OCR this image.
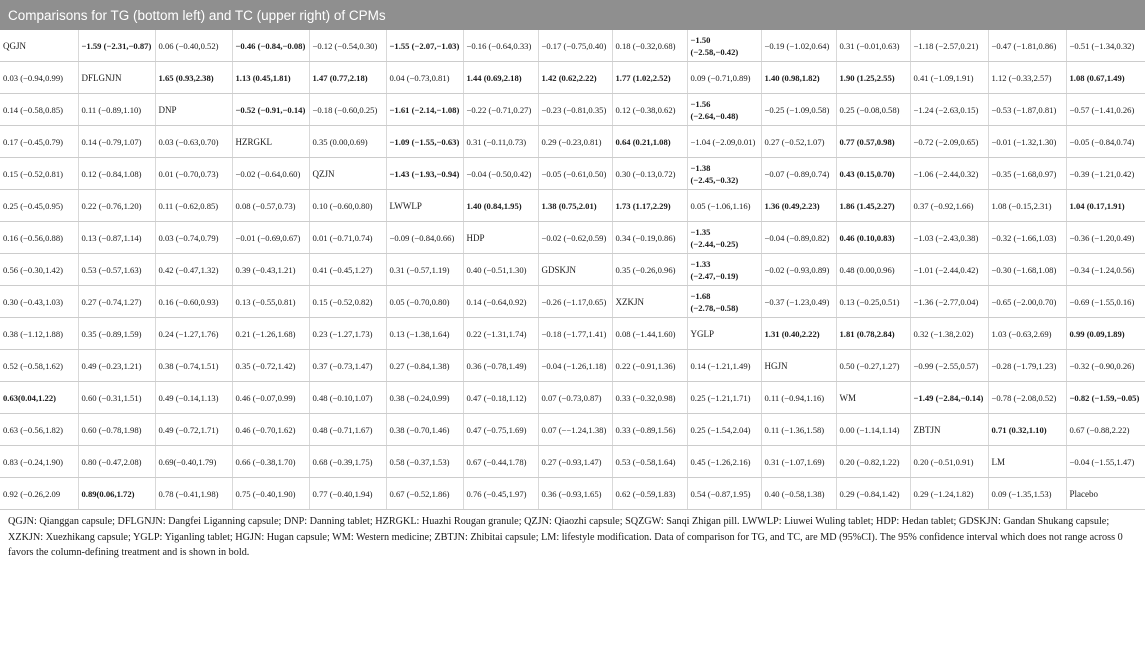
Comparisons for TG (bottom left) and TC (upper right) of CPMs
QGJN	−1.59 (−2.31,−0.87)	0.06 (−0.40,0.52)	−0.46 (−0.84,−0.08)	−0.12 (−0.54,0.30)	−1.55 (−2.07,−1.03)	−0.16 (−0.64,0.33)	−0.17 (−0.75,0.40)	0.18 (−0.32,0.68)	−1.50 (−2.58,−0.42)	−0.19 (−1.02,0.64)	0.31 (−0.01,0.63)	−1.18 (−2.57,0.21)	−0.47 (−1.81,0.86)	−0.51 (−1.34,0.32)
0.03 (−0.94,0.99)	DFLGNJN	1.65 (0.93,2.38)	1.13 (0.45,1.81)	1.47 (0.77,2.18)	0.04 (−0.73,0.81)	1.44 (0.69,2.18)	1.42 (0.62,2.22)	1.77 (1.02,2.52)	0.09 (−0.71,0.89)	1.40 (0.98,1.82)	1.90 (1.25,2.55)	0.41 (−1.09,1.91)	1.12 (−0.33,2.57)	1.08 (0.67,1.49)
0.14 (−0.58,0.85)	0.11 (−0.89,1.10)	DNP	−0.52 (−0.91,−0.14)	−0.18 (−0.60,0.25)	−1.61 (−2.14,−1.08)	−0.22 (−0.71,0.27)	−0.23 (−0.81,0.35)	0.12 (−0.38,0.62)	−1.56 (−2.64,−0.48)	−0.25 (−1.09,0.58)	0.25 (−0.08,0.58)	−1.24 (−2.63,0.15)	−0.53 (−1.87,0.81)	−0.57 (−1.41,0.26)
0.17 (−0.45,0.79)	0.14 (−0.79,1.07)	0.03 (−0.63,0.70)	HZRGKL	0.35 (0.00,0.69)	−1.09 (−1.55,−0.63)	0.31 (−0.11,0.73)	0.29 (−0.23,0.81)	0.64 (0.21,1.08)	−1.04 (−2.09,0.01)	0.27 (−0.52,1.07)	0.77 (0.57,0.98)	−0.72 (−2.09,0.65)	−0.01 (−1.32,1.30)	−0.05 (−0.84,0.74)
0.15 (−0.52,0.81)	0.12 (−0.84,1.08)	0.01 (−0.70,0.73)	−0.02 (−0.64,0.60)	QZJN	−1.43 (−1.93,−0.94)	−0.04 (−0.50,0.42)	−0.05 (−0.61,0.50)	0.30 (−0.13,0.72)	−1.38 (−2.45,−0.32)	−0.07 (−0.89,0.74)	0.43 (0.15,0.70)	−1.06 (−2.44,0.32)	−0.35 (−1.68,0.97)	−0.39 (−1.21,0.42)
0.25 (−0.45,0.95)	0.22 (−0.76,1.20)	0.11 (−0.62,0.85)	0.08 (−0.57,0.73)	0.10 (−0.60,0.80)	LWWLP	1.40 (0.84,1.95)	1.38 (0.75,2.01)	1.73 (1.17,2.29)	0.05 (−1.06,1.16)	1.36 (0.49,2.23)	1.86 (1.45,2.27)	0.37 (−0.92,1.66)	1.08 (−0.15,2.31)	1.04 (0.17,1.91)
0.16 (−0.56,0.88)	0.13 (−0.87,1.14)	0.03 (−0.74,0.79)	−0.01 (−0.69,0.67)	0.01 (−0.71,0.74)	−0.09 (−0.84,0.66)	HDP	−0.02 (−0.62,0.59)	0.34 (−0.19,0.86)	−1.35 (−2.44,−0.25)	−0.04 (−0.89,0.82)	0.46 (0.10,0.83)	−1.03 (−2.43,0.38)	−0.32 (−1.66,1.03)	−0.36 (−1.20,0.49)
0.56 (−0.30,1.42)	0.53 (−0.57,1.63)	0.42 (−0.47,1.32)	0.39 (−0.43,1.21)	0.41 (−0.45,1.27)	0.31 (−0.57,1.19)	0.40 (−0.51,1.30)	GDSKJN	0.35 (−0.26,0.96)	−1.33 (−2.47,−0.19)	−0.02 (−0.93,0.89)	0.48 (0.00,0.96)	−1.01 (−2.44,0.42)	−0.30 (−1.68,1.08)	−0.34 (−1.24,0.56)
0.30 (−0.43,1.03)	0.27 (−0.74,1.27)	0.16 (−0.60,0.93)	0.13 (−0.55,0.81)	0.15 (−0.52,0.82)	0.05 (−0.70,0.80)	0.14 (−0.64,0.92)	−0.26 (−1.17,0.65)	XZKJN	−1.68 (−2.78,−0.58)	−0.37 (−1.23,0.49)	0.13 (−0.25,0.51)	−1.36 (−2.77,0.04)	−0.65 (−2.00,0.70)	−0.69 (−1.55,0.16)
0.38 (−1.12,1.88)	0.35 (−0.89,1.59)	0.24 (−1.27,1.76)	0.21 (−1.26,1.68)	0.23 (−1.27,1.73)	0.13 (−1.38,1.64)	0.22 (−1.31,1.74)	−0.18 (−1.77,1.41)	0.08 (−1.44,1.60)	YGLP	1.31 (0.40,2.22)	1.81 (0.78,2.84)	0.32 (−1.38,2.02)	1.03 (−0.63,2.69)	0.99 (0.09,1.89)
0.52 (−0.58,1.62)	0.49 (−0.23,1.21)	0.38 (−0.74,1.51)	0.35 (−0.72,1.42)	0.37 (−0.73,1.47)	0.27 (−0.84,1.38)	0.36 (−0.78,1.49)	−0.04 (−1.26,1.18)	0.22 (−0.91,1.36)	0.14 (−1.21,1.49)	HGJN	0.50 (−0.27,1.27)	−0.99 (−2.55,0.57)	−0.28 (−1.79,1.23)	−0.32 (−0.90,0.26)
0.63(0.04,1.22)	0.60 (−0.31,1.51)	0.49 (−0.14,1.13)	0.46 (−0.07,0.99)	0.48 (−0.10,1.07)	0.38 (−0.24,0.99)	0.47 (−0.18,1.12)	0.07 (−0.73,0.87)	0.33 (−0.32,0.98)	0.25 (−1.21,1.71)	0.11 (−0.94,1.16)	WM	−1.49 (−2.84,−0.14)	−0.78 (−2.08,0.52)	−0.82 (−1.59,−0.05)
0.63 (−0.56,1.82)	0.60 (−0.78,1.98)	0.49 (−0.72,1.71)	0.46 (−0.70,1.62)	0.48 (−0.71,1.67)	0.38 (−0.70,1.46)	0.47 (−0.75,1.69)	0.07 (−−1.24,1.38)	0.33 (−0.89,1.56)	0.25 (−1.54,2.04)	0.11 (−1.36,1.58)	0.00 (−1.14,1.14)	ZBTJN	0.71 (0.32,1.10)	0.67 (−0.88,2.22)
0.83 (−0.24,1.90)	0.80 (−0.47,2.08)	0.69(−0.40,1.79)	0.66 (−0.38,1.70)	0.68 (−0.39,1.75)	0.58 (−0.37,1.53)	0.67 (−0.44,1.78)	0.27 (−0.93,1.47)	0.53 (−0.58,1.64)	0.45 (−1.26,2.16)	0.31 (−1.07,1.69)	0.20 (−0.82,1.22)	0.20 (−0.51,0.91)	LM	−0.04 (−1.55,1.47)
0.92 (−0.26,2.09	0.89(0.06,1.72)	0.78 (−0.41,1.98)	0.75 (−0.40,1.90)	0.77 (−0.40,1.94)	0.67 (−0.52,1.86)	0.76 (−0.45,1.97)	0.36 (−0.93,1.65)	0.62 (−0.59,1.83)	0.54 (−0.87,1.95)	0.40 (−0.58,1.38)	0.29 (−0.84,1.42)	0.29 (−1.24,1.82)	0.09 (−1.35,1.53)	Placebo
QGJN: Qianggan capsule; DFLGNJN: Dangfei Liganning capsule; DNP: Danning tablet; HZRGKL: Huazhi Rougan granule; QZJN: Qiaozhi capsule; SQZGW: Sanqi Zhigan pill. LWWLP: Liuwei Wuling tablet; HDP: Hedan tablet; GDSKJN: Gandan Shukang capsule; XZKJN: Xuezhikang capsule; YGLP: Yiganling tablet; HGJN: Hugan capsule; WM: Western medicine; ZBTJN: Zhibitai capsule; LM: lifestyle modification. Data of comparison for TG, and TC, are MD (95%CI). The 95% confidence interval which does not range across 0 favors the column-defining treatment and is shown in bold.
